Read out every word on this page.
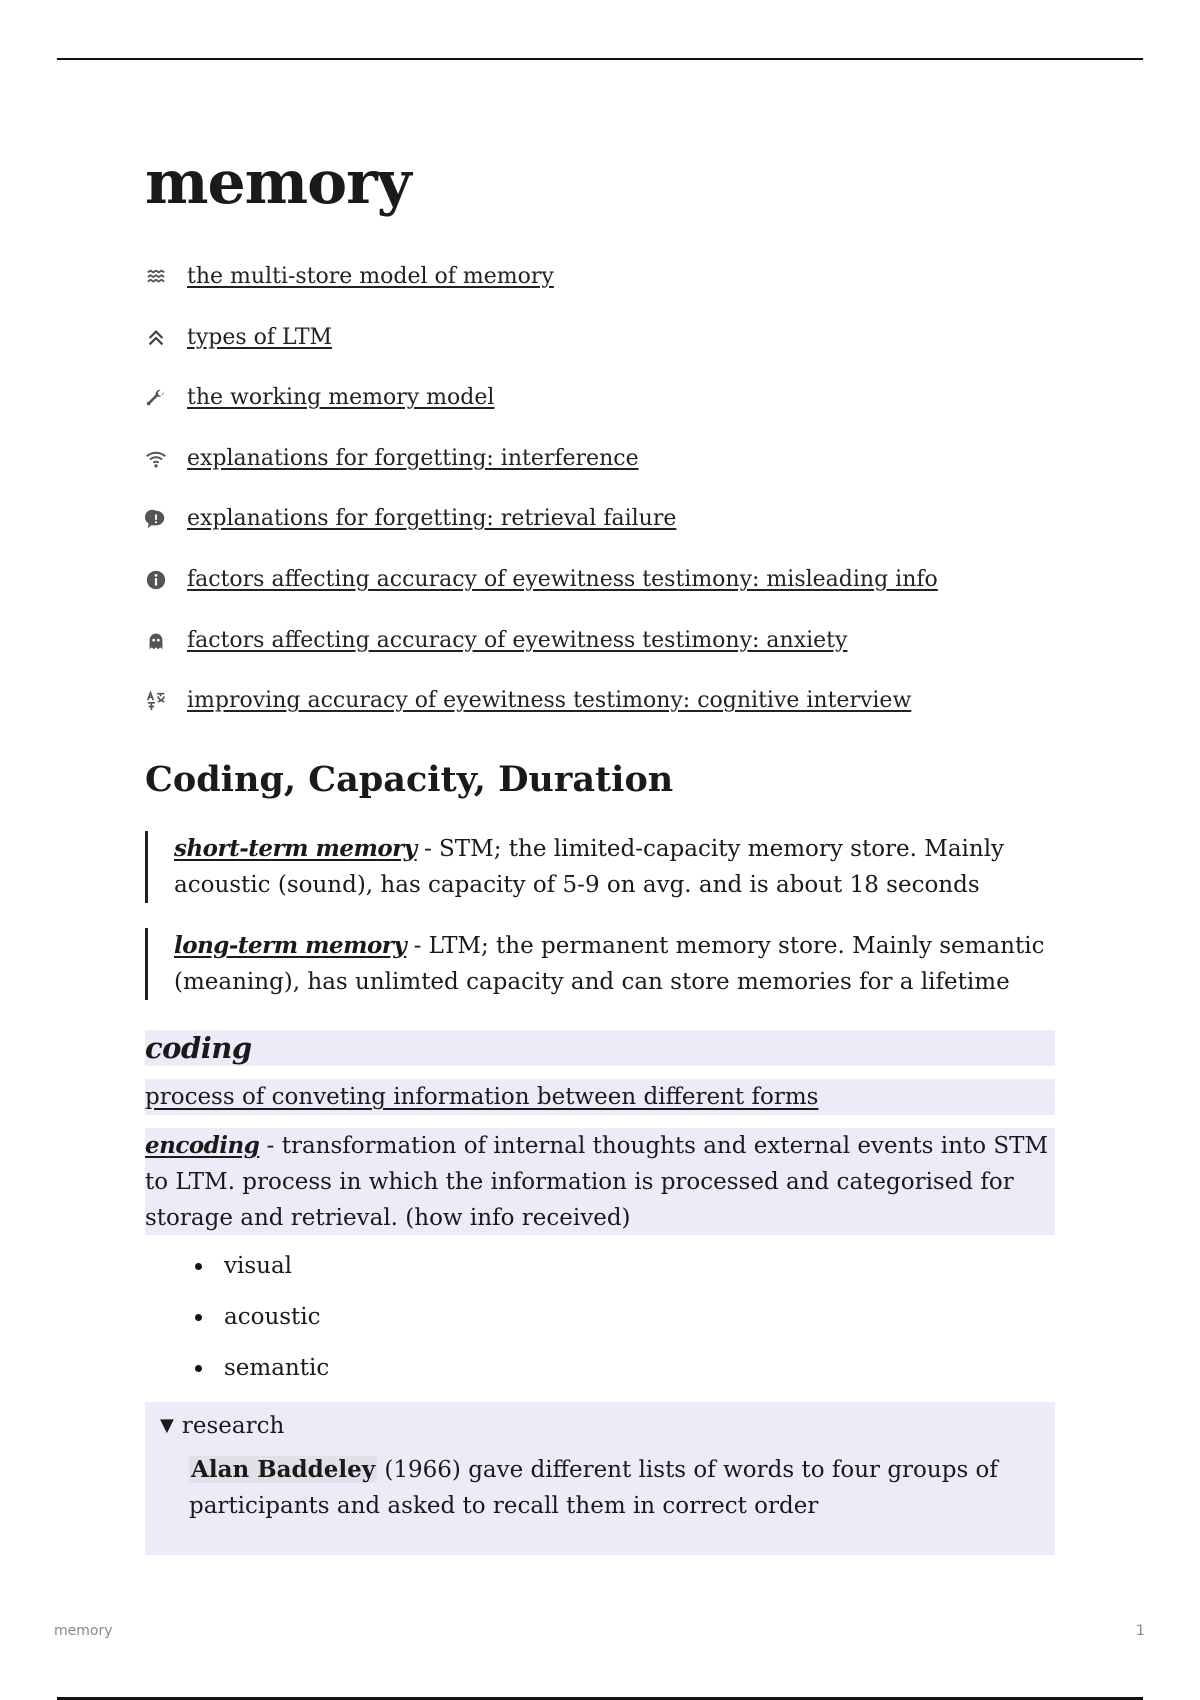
memory
the multi-store model of memory
types of LTM
the working memory model
explanations for forgetting: interference
explanations for forgetting: retrieval failure
factors affecting accuracy of eyewitness testimony: misleading info
factors affecting accuracy of eyewitness testimony: anxiety
improving accuracy of eyewitness testimony: cognitive interview
Coding, Capacity, Duration
short-term memory - STM; the limited-capacity memory store. Mainly acoustic (sound), has capacity of 5-9 on avg. and is about 18 seconds
long-term memory - LTM; the permanent memory store. Mainly semantic (meaning), has unlimted capacity and can store memories for a lifetime
coding
process of conveting information between different forms
encoding - transformation of internal thoughts and external events into STM to LTM. process in which the information is processed and categorised for storage and retrieval. (how info received)
visual
acoustic
semantic
▼ research

Alan Baddeley (1966) gave different lists of words to four groups of participants and asked to recall them in correct order

memory	1
